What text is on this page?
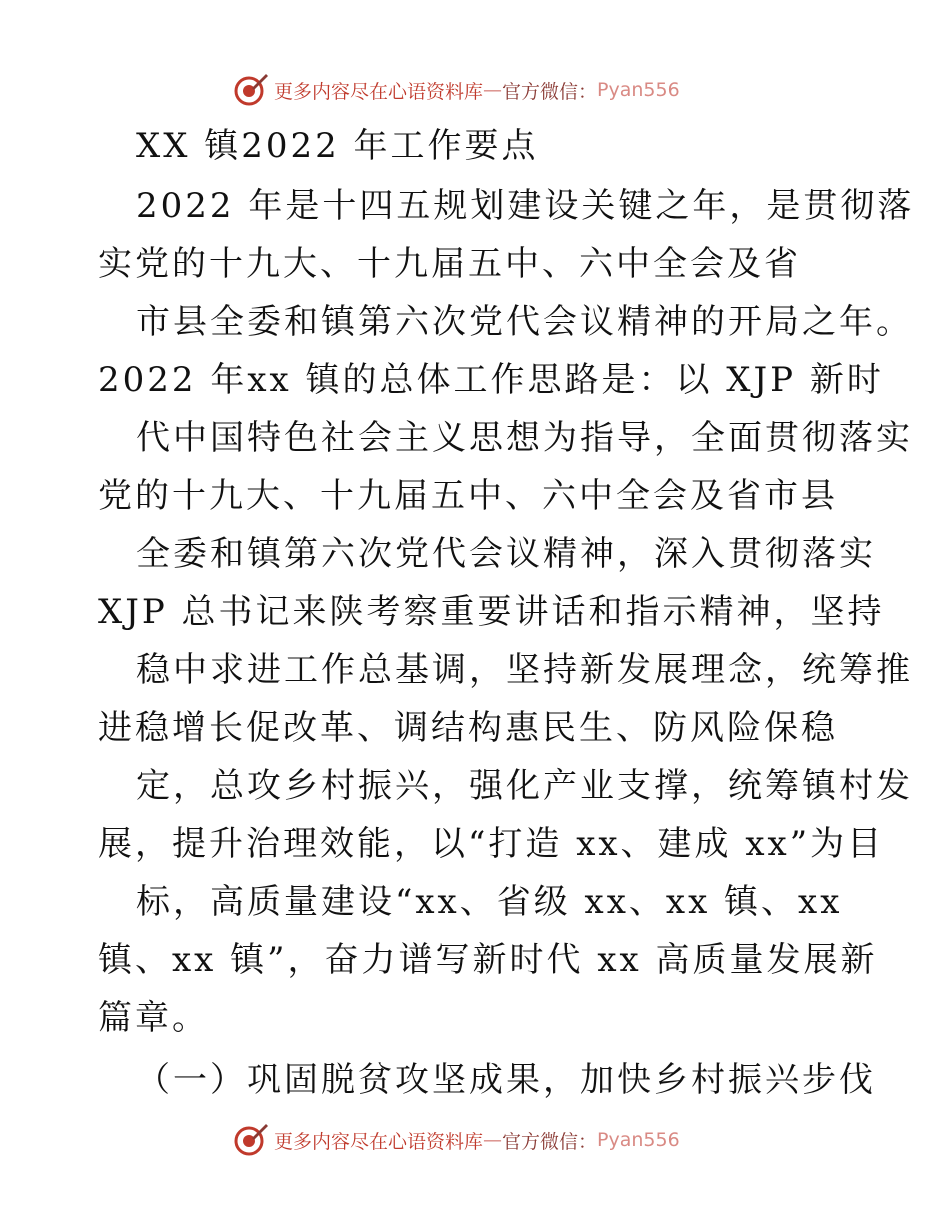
更多内容尽在心语资料库 — 官方微信： Pyan556
XX 镇2022 年工作要点
2022 年是十四五规划建设关键之年，是贯彻落
实党的十九大、十九届五中、六中全会及省
市县全委和镇第六次党代会议精神的开局之年。
2022 年xx 镇的总体工作思路是：以 XJP 新时
代中国特色社会主义思想为指导，全面贯彻落实
党的十九大、十九届五中、六中全会及省市县
全委和镇第六次党代会议精神，深入贯彻落实
XJP 总书记来陕考察重要讲话和指示精神，坚持
稳中求进工作总基调，坚持新发展理念，统筹推
进稳增长促改革、调结构惠民生、防风险保稳
定，总攻乡村振兴，强化产业支撑，统筹镇村发
展，提升治理效能，以“打造 xx、建成 xx”为目
标，高质量建设“xx、省级 xx、xx 镇、xx
镇、xx 镇”，奋力谱写新时代 xx 高质量发展新
篇章。
（一）巩固脱贫攻坚成果，加快乡村振兴步伐
更多内容尽在心语资料库 — 官方微信： Pyan556
